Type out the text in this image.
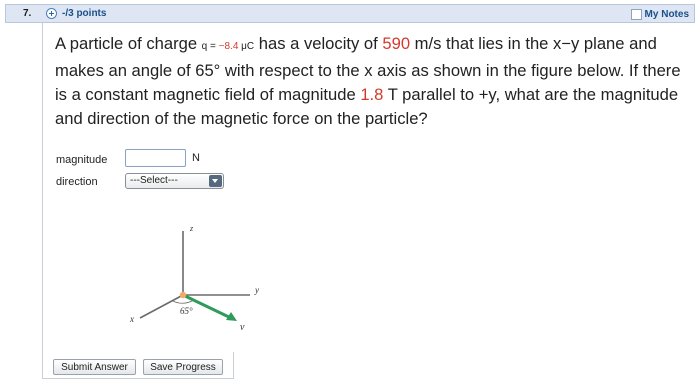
7.	-/3 points	My Notes
A particle of charge q = −8.4 μC has a velocity of 590 m/s that lies in the x−y plane and makes an angle of 65° with respect to the x axis as shown in the figure below. If there is a constant magnetic field of magnitude 1.8 T parallel to +y, what are the magnitude and direction of the magnetic force on the particle?
magnitude	N
direction	---Select---
z
y
x
65°
v⃗
Submit Answer	Save Progress
